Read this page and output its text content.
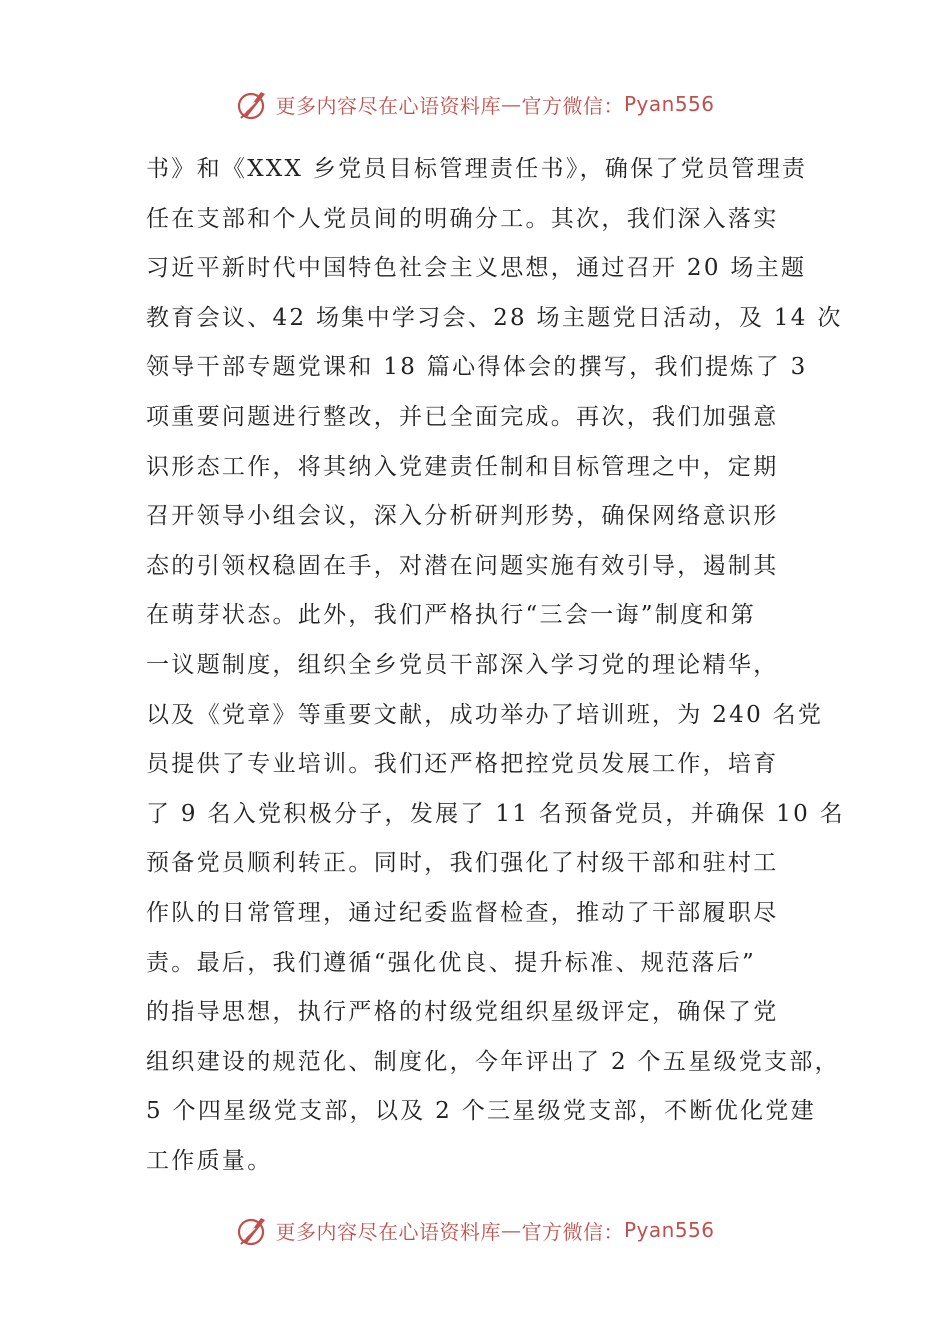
更多内容尽在心语资料库 — 官方微信： Pyan556
书》和《XXX 乡党员目标管理责任书》，确保了党员管理责
任在支部和个人党员间的明确分工。其次，我们深入落实
习近平新时代中国特色社会主义思想，通过召开 20 场主题
教育会议、42 场集中学习会、28 场主题党日活动，及 14 次
领导干部专题党课和 18 篇心得体会的撰写，我们提炼了 3
项重要问题进行整改，并已全面完成。再次，我们加强意
识形态工作，将其纳入党建责任制和目标管理之中，定期
召开领导小组会议，深入分析研判形势，确保网络意识形
态的引领权稳固在手，对潜在问题实施有效引导，遏制其
在萌芽状态。此外，我们严格执行“三会一诲”制度和第
一议题制度，组织全乡党员干部深入学习党的理论精华，
以及《党章》等重要文献，成功举办了培训班，为 240 名党
员提供了专业培训。我们还严格把控党员发展工作，培育
了 9 名入党积极分子，发展了 11 名预备党员，并确保 10 名
预备党员顺利转正。同时，我们强化了村级干部和驻村工
作队的日常管理，通过纪委监督检查，推动了干部履职尽
责。最后，我们遵循“强化优良、提升标准、规范落后”
的指导思想，执行严格的村级党组织星级评定，确保了党
组织建设的规范化、制度化，今年评出了 2 个五星级党支部，
5 个四星级党支部，以及 2 个三星级党支部，不断优化党建
工作质量。
更多内容尽在心语资料库 — 官方微信： Pyan556
